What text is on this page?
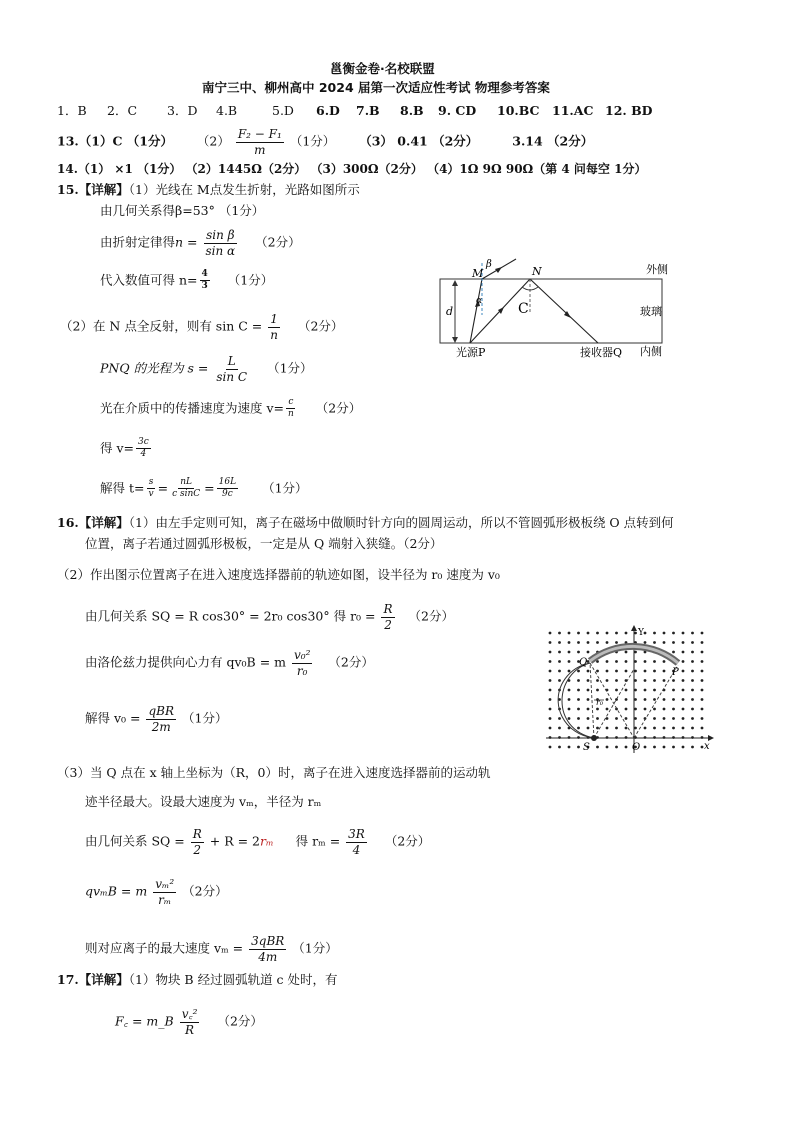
邕衡金卷·名校联盟
南宁三中、柳州高中 2024 届第一次适应性考试 物理参考答案
1．B 2．C 3．D 4.B	5.D 6.D 7.B 8.B 9. CD 10.BC 11.AC 12. BD
13.（1）C （1分） $(2) \frac{\text{F₂ − F₁}}{m} (1$分） （3） 0.41 （2分）	3.14 （2分）
14.（1） ×1 （1分） （2）1445Ω（2分） （3）300Ω（2分） （4）1Ω 9Ω 90Ω（第 4 问每空 1分）
15.【详解】（1）光线在 M点发生折射，光路如图所示
由几何关系得β=53° （1分）
由折射定律得$n = \frac{\text{sin β}}{\text{sin α}} (2$分）
代入数值可得 $n= \frac{4}{3} (1$分）
（2）在 N 点全反射，则有 $\sin C = \frac{1}{n} (2$分）
PNQ 的光程为 $s = \frac{L}{\text{sin C}} (1$分）
光在介质中的传播速度为速度 $v= \frac{c}{n} (2$分）
得 $v= \frac{3c}{4}$
解得 $t= \frac{s}{v} = \frac{nL}{\text{c sinC}} = \frac{16L}{9c} (1$分）
外侧
玻璃
内侧
d
M	N
β
α	C
光源P	接收器Q
16.【详解】（1）由左手定则可知，离子在磁场中做顺时针方向的圆周运动，所以不管圆弧形极板绕 O 点转到何
位置，离子若通过圆弧形极板，一定是从 Q 端射入狭缝。（2分）
（2）作出图示位置离子在进入速度选择器前的轨迹如图，设半径为 r₀ 速度为 v₀
由几何关系 SQ = R cos30° = 2r₀ cos30° 得 $r_0 = \frac{R}{2} (2$分）
由洛伦兹力提供向心力有 qv₀B = m $\frac{\text{v₀²}}{\text{r₀}} (2$分）
解得 $v_0 = \frac{\text{qBR}}{2m} (1$分）
（3）当 Q 点在 x 轴上坐标为（R，0）时，离子在进入速度选择器前的运动轨
迹半径最大。设最大速度为 vₘ，半径为 rₘ
由几何关系 SQ = $\frac{R}{2} + R = 2r_m$ 得 $r_m = \frac{3R}{4} (2$分）
qvₘB = m $\frac{\text{vₘ²}}{\text{rₘ}} (2$分）
则对应离子的最大速度 $v_m = \frac{\text{3qBR}}{4m} (1$分）
Y
x
O
r₀
Q
P
S
17.【详解】（1）物块 B 经过圆弧轨道 c 处时，有
F꜀ = m_B $\frac{\text{v꜀²}}{R} (2$分）
